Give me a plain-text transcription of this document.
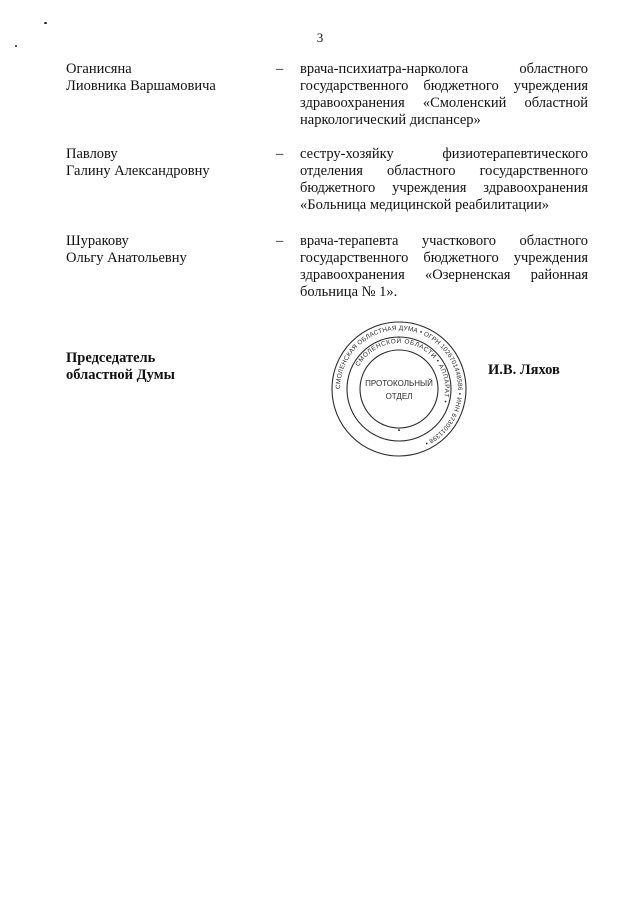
3
Оганисяна
Лиовника Варшамовича
– врача-психиатра-нарколога областного государственного бюджетного учреждения здравоохранения «Смоленский областной наркологический диспансер»
Павлову
Галину Александровну
– сестру-хозяйку физиотерапевтического отделения областного государственного бюджетного учреждения здравоохранения «Больница медицинской реабилитации»
Шуракову
Ольгу Анатольевну
– врача-терапевта участкового областного государственного бюджетного учреждения здравоохранения «Озерненская районная больница № 1».
Председатель
областной Думы
СМОЛЕНСКАЯ ОБЛАСТНАЯ ДУМА • ОГРН 1026701448586 • ИНН 6730011398 •
СМОЛЕНСКОЙ ОБЛАСТИ • АППАРАТ •
ПРОТОКОЛЬНЫЙ
ОТДЕЛ
И.В. Ляхов
